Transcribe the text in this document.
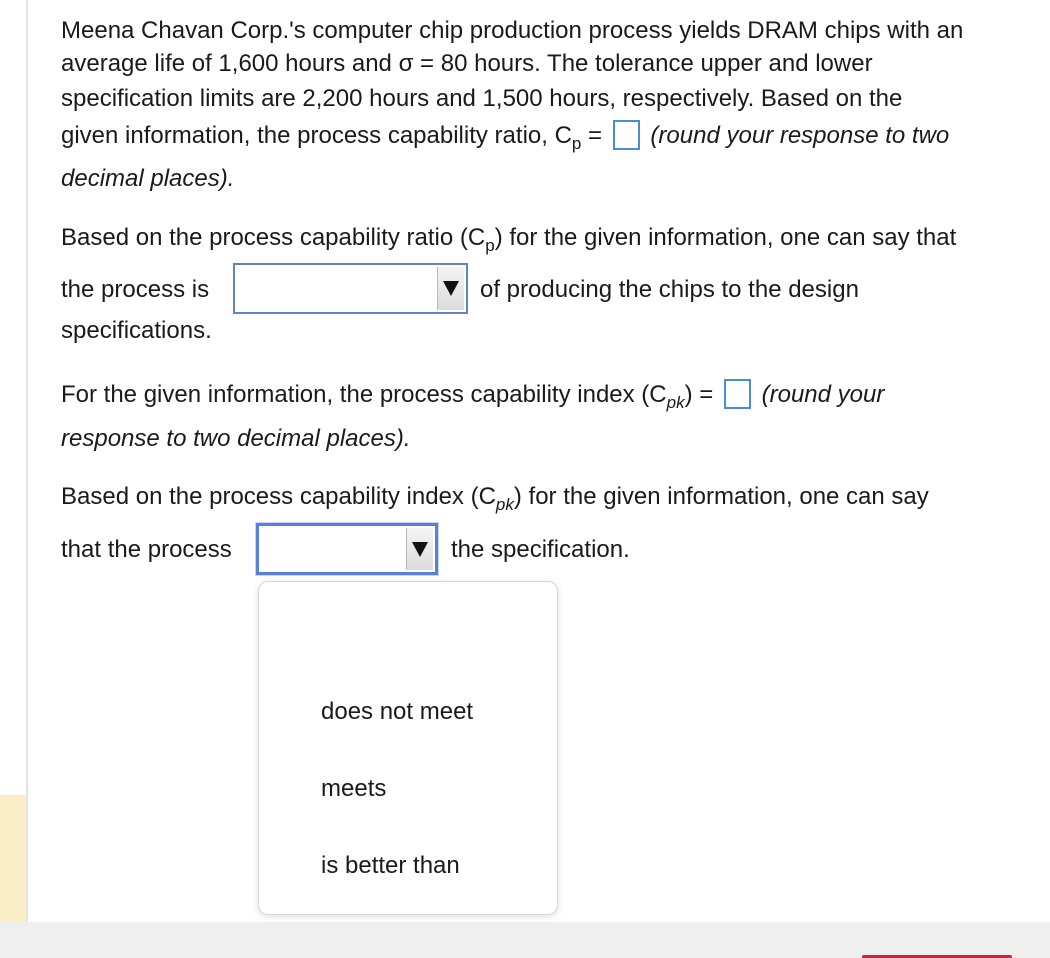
Meena Chavan Corp.'s computer chip production process yields DRAM chips with an
average life of 1,600 hours and σ = 80 hours. The tolerance upper and lower
specification limits are 2,200 hours and 1,500 hours, respectively. Based on the
given information, the process capability ratio, $C_p$ =  (round your response to two
decimal places).
Based on the process capability ratio $(C_p)$ for the given information, one can say that
the process is	of producing the chips to the design
specifications.
For the given information, the process capability index $(C_{pk})$ =  (round your
response to two decimal places).
Based on the process capability index $(C_{pk})$ for the given information, one can say
that the process	the specification.
does not meet
meets
is better than
